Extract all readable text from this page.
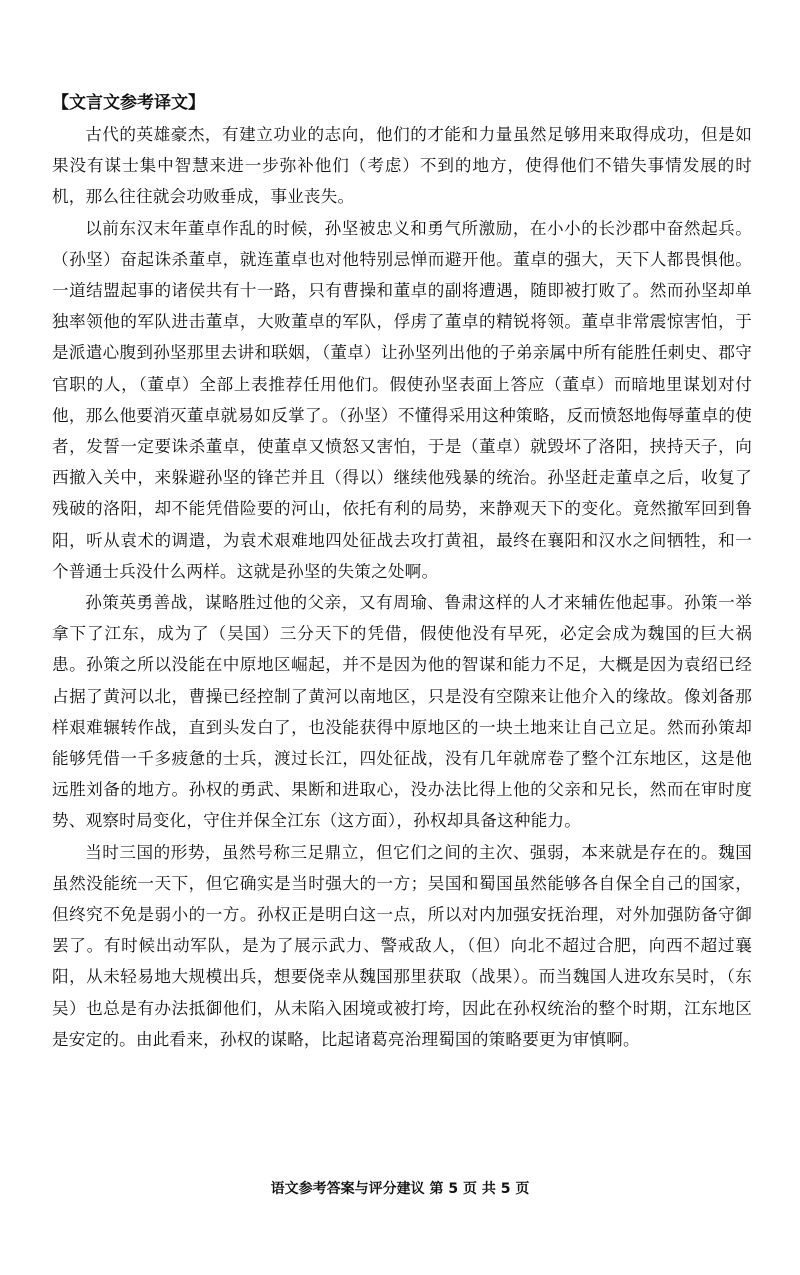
【文言文参考译文】

古代的英雄豪杰，有建立功业的志向，他们的才能和力量虽然足够用来取得成功，但是如果没有谋士集中智慧来进一步弥补他们（考虑）不到的地方，使得他们不错失事情发展的时机，那么往往就会功败垂成，事业丧失。

以前东汉末年董卓作乱的时候，孙坚被忠义和勇气所激励，在小小的长沙郡中奋然起兵。（孙坚）奋起诛杀董卓，就连董卓也对他特别忌惮而避开他。董卓的强大，天下人都畏惧他。一道结盟起事的诸侯共有十一路，只有曹操和董卓的副将遭遇，随即被打败了。然而孙坚却单独率领他的军队进击董卓，大败董卓的军队，俘虏了董卓的精锐将领。董卓非常震惊害怕，于是派遣心腹到孙坚那里去讲和联姻，（董卓）让孙坚列出他的子弟亲属中所有能胜任刺史、郡守官职的人，（董卓）全部上表推荐任用他们。假使孙坚表面上答应（董卓）而暗地里谋划对付他，那么他要消灭董卓就易如反掌了。（孙坚）不懂得采用这种策略，反而愤怒地侮辱董卓的使者，发誓一定要诛杀董卓，使董卓又愤怒又害怕，于是（董卓）就毁坏了洛阳，挟持天子，向西撤入关中，来躲避孙坚的锋芒并且（得以）继续他残暴的统治。孙坚赶走董卓之后，收复了残破的洛阳，却不能凭借险要的河山，依托有利的局势，来静观天下的变化。竟然撤军回到鲁阳，听从袁术的调遣，为袁术艰难地四处征战去攻打黄祖，最终在襄阳和汉水之间牺牲，和一个普通士兵没什么两样。这就是孙坚的失策之处啊。

孙策英勇善战，谋略胜过他的父亲，又有周瑜、鲁肃这样的人才来辅佐他起事。孙策一举拿下了江东，成为了（吴国）三分天下的凭借，假使他没有早死，必定会成为魏国的巨大祸患。孙策之所以没能在中原地区崛起，并不是因为他的智谋和能力不足，大概是因为袁绍已经占据了黄河以北，曹操已经控制了黄河以南地区，只是没有空隙来让他介入的缘故。像刘备那样艰难辗转作战，直到头发白了，也没能获得中原地区的一块土地来让自己立足。然而孙策却能够凭借一千多疲惫的士兵，渡过长江，四处征战，没有几年就席卷了整个江东地区，这是他远胜刘备的地方。孙权的勇武、果断和进取心，没办法比得上他的父亲和兄长，然而在审时度势、观察时局变化，守住并保全江东（这方面），孙权却具备这种能力。

当时三国的形势，虽然号称三足鼎立，但它们之间的主次、强弱，本来就是存在的。魏国虽然没能统一天下，但它确实是当时强大的一方；吴国和蜀国虽然能够各自保全自己的国家，但终究不免是弱小的一方。孙权正是明白这一点，所以对内加强安抚治理，对外加强防备守御罢了。有时候出动军队，是为了展示武力、警戒敌人，（但）向北不超过合肥，向西不超过襄阳，从未轻易地大规模出兵，想要侥幸从魏国那里获取（战果）。而当魏国人进攻东吴时，（东吴）也总是有办法抵御他们，从未陷入困境或被打垮，因此在孙权统治的整个时期，江东地区是安定的。由此看来，孙权的谋略，比起诸葛亮治理蜀国的策略要更为审慎啊。

语文参考答案与评分建议 第 5 页 共 5 页
